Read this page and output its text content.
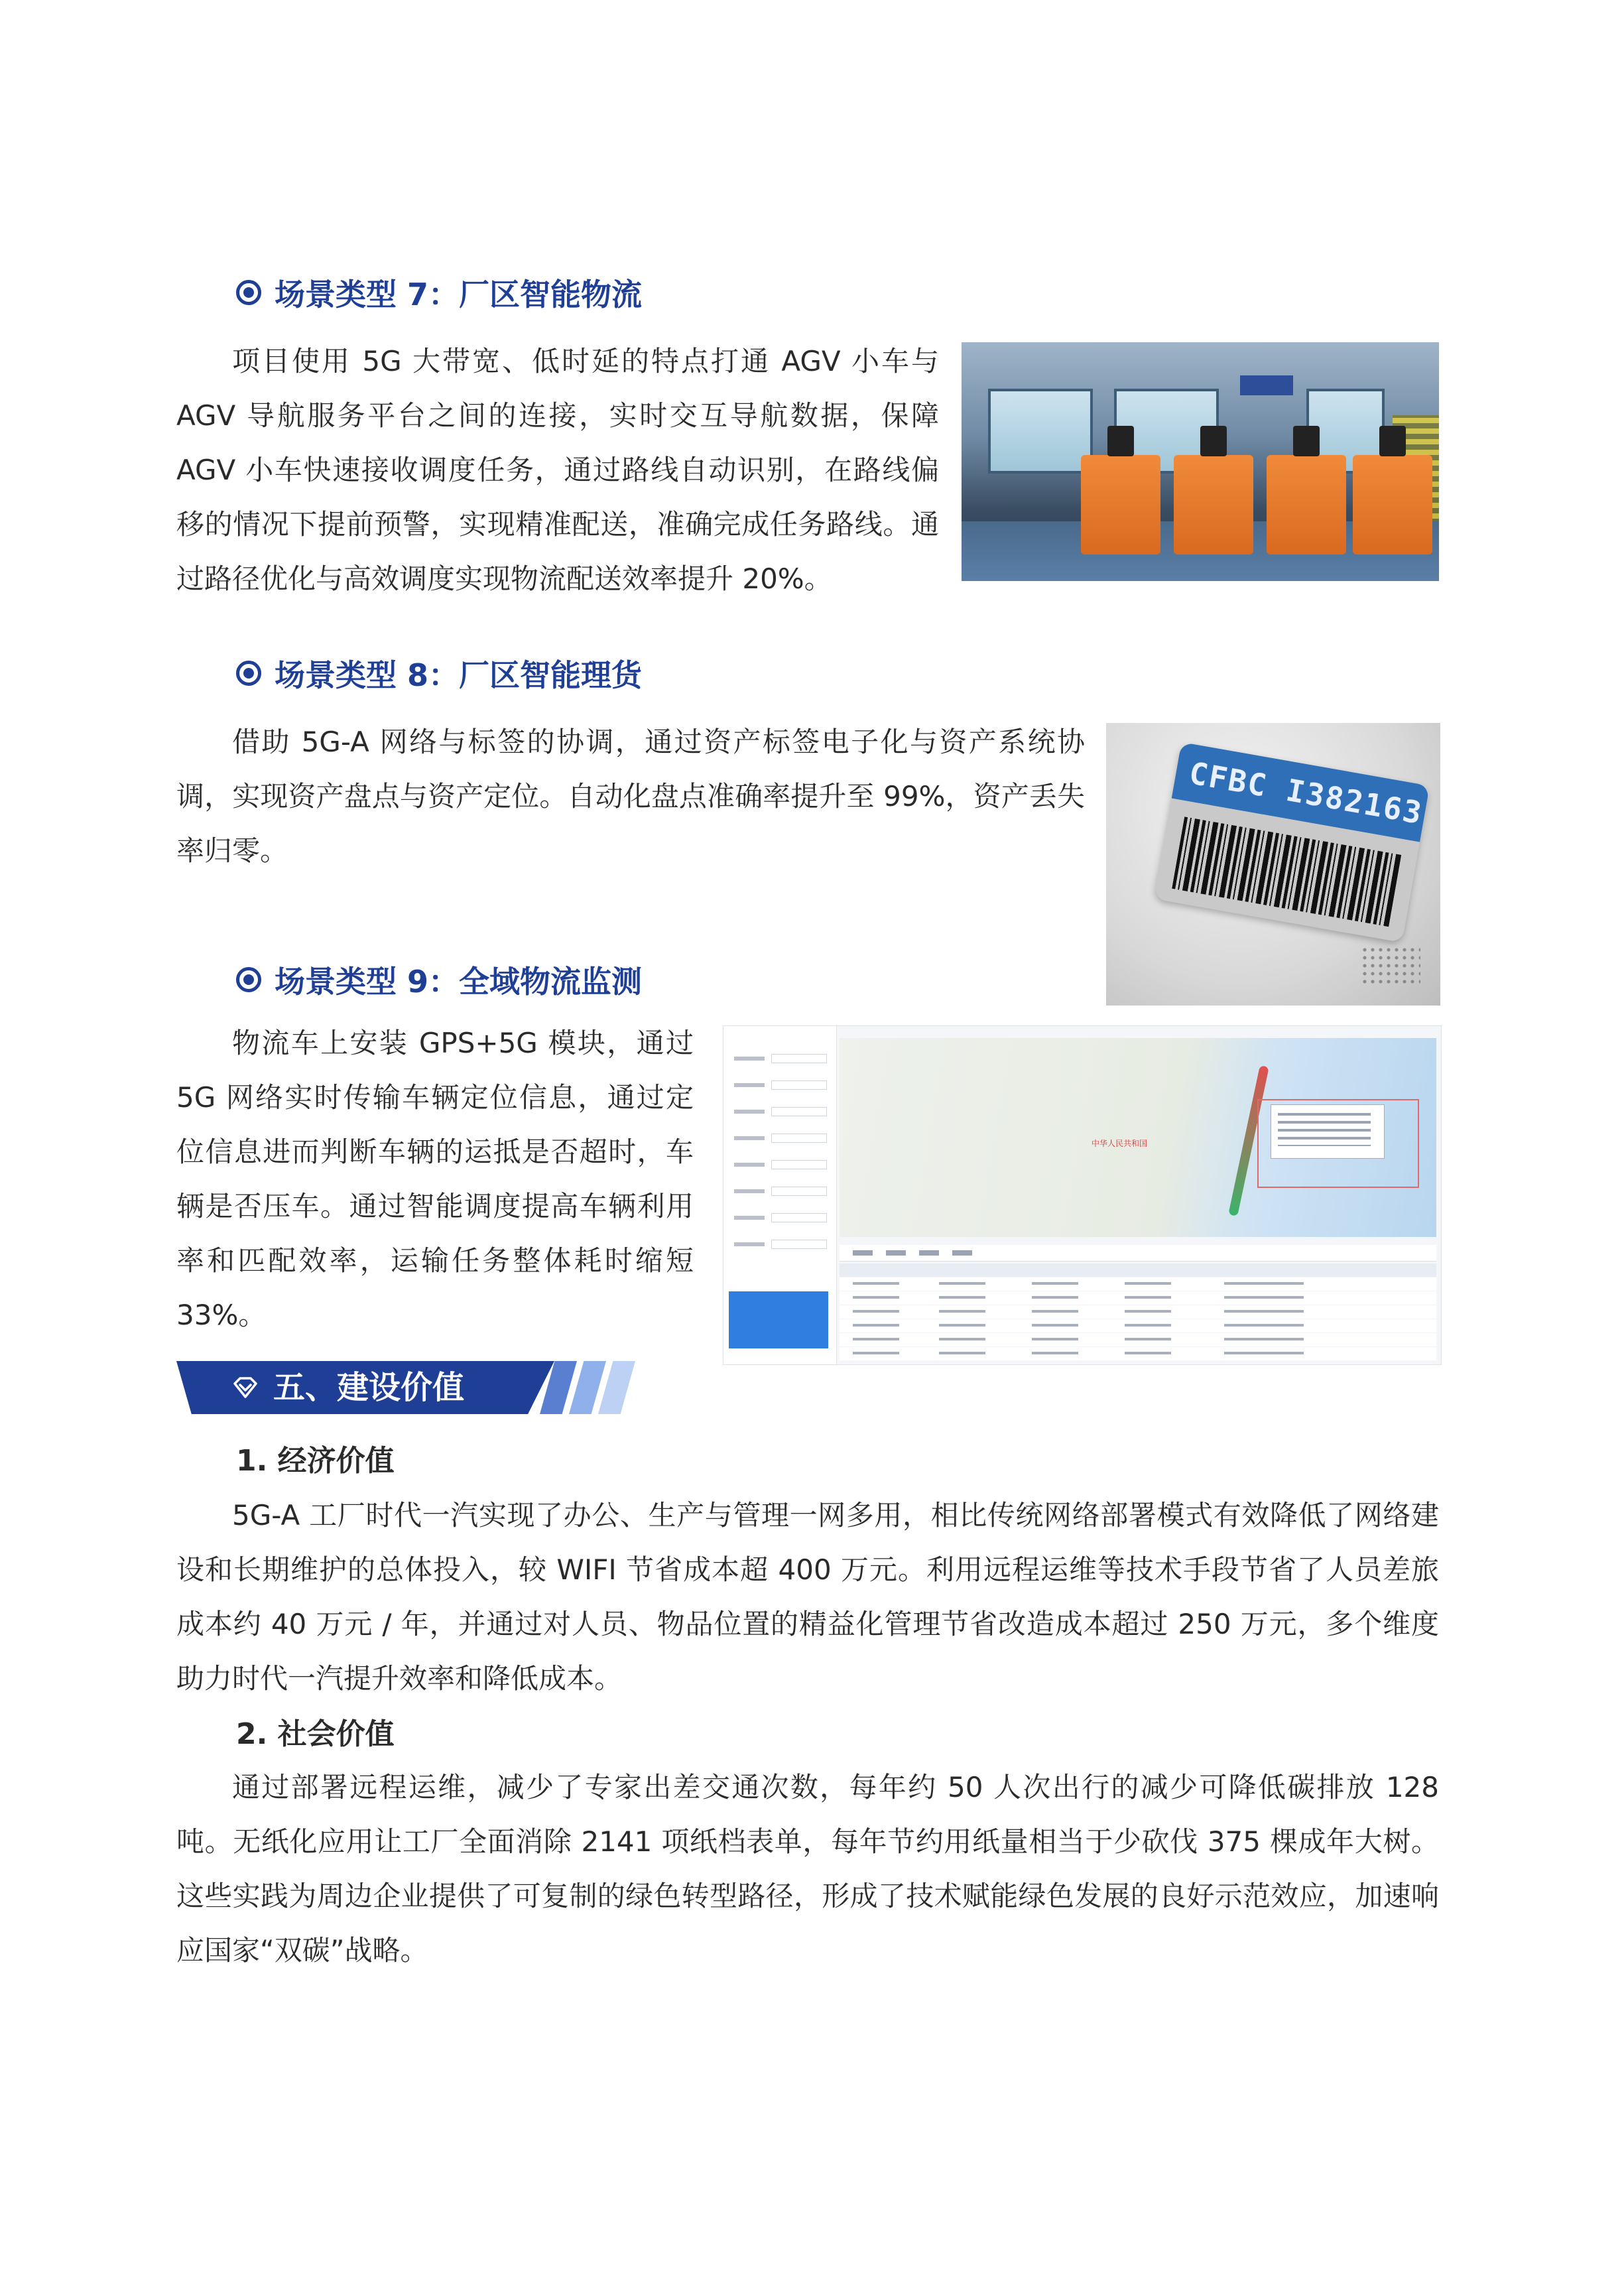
场景类型 7：厂区智能物流

项目使用 5G 大带宽、低时延的特点打通 AGV 小车与 AGV 导航服务平台之间的连接，实时交互导航数据，保障 AGV 小车快速接收调度任务，通过路线自动识别，在路线偏移的情况下提前预警，实现精准配送，准确完成任务路线。通过路径优化与高效调度实现物流配送效率提升 20%。

场景类型 8：厂区智能理货

借助 5G-A 网络与标签的协调，通过资产标签电子化与资产系统协调，实现资产盘点与资产定位。自动化盘点准确率提升至 99%，资产丢失率归零。

CFBC I382163
场景类型 9：全域物流监测

物流车上安装 GPS+5G 模块，通过 5G 网络实时传输车辆定位信息，通过定位信息进而判断车辆的运抵是否超时，车辆是否压车。通过智能调度提高车辆利用率和匹配效率，运输任务整体耗时缩短 33%。

中华人民共和国
五、建设价值
1. 经济价值

5G-A 工厂时代一汽实现了办公、生产与管理一网多用，相比传统网络部署模式有效降低了网络建设和长期维护的总体投入，较 WIFI 节省成本超 400 万元。利用远程运维等技术手段节省了人员差旅成本约 40 万元 / 年，并通过对人员、物品位置的精益化管理节省改造成本超过 250 万元，多个维度助力时代一汽提升效率和降低成本。

2. 社会价值

通过部署远程运维，减少了专家出差交通次数，每年约 50 人次出行的减少可降低碳排放 128 吨。无纸化应用让工厂全面消除 2141 项纸档表单，每年节约用纸量相当于少砍伐 375 棵成年大树。这些实践为周边企业提供了可复制的绿色转型路径，形成了技术赋能绿色发展的良好示范效应，加速响应国家“双碳”战略。
